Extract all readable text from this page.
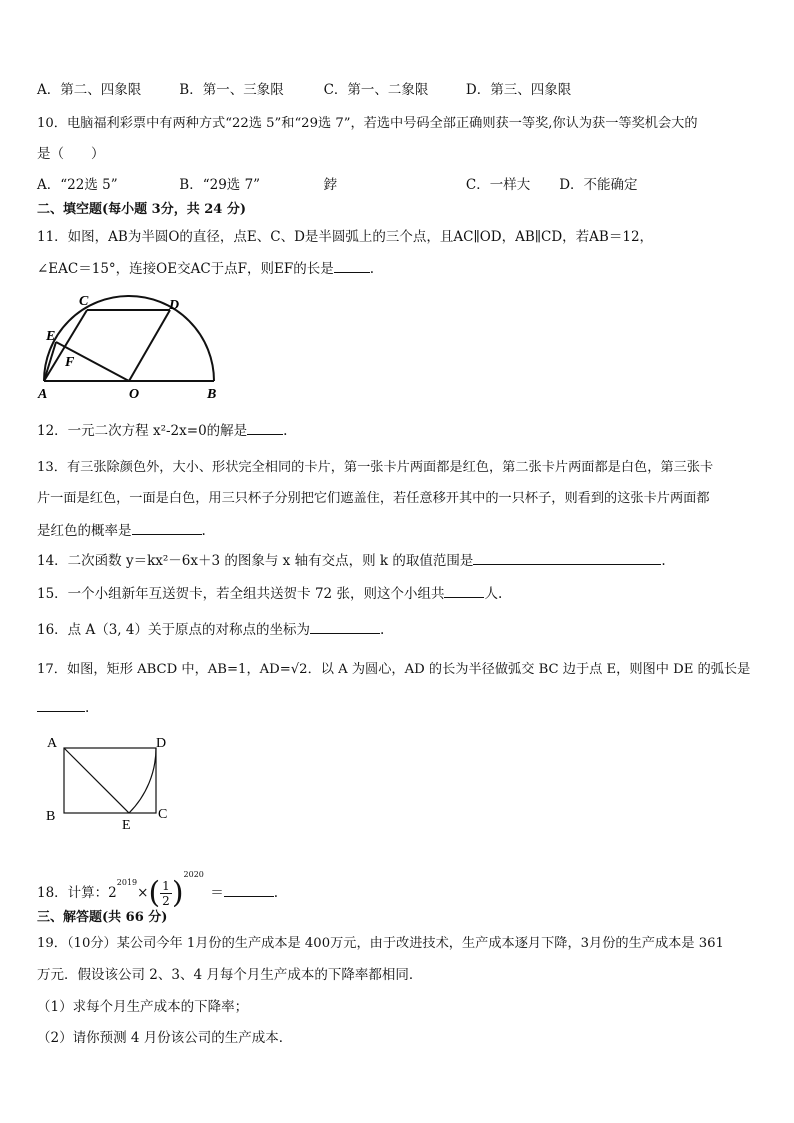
A．第二、四象限	B．第一、三象限	C．第一、二象限	D．第三、四象限
10．电脑福利彩票中有两种方式“22选 5”和“29选 7”，若选中号码全部正确则获一等奖,你认为获一等奖机会大的
是（　　）
A．“22选 5”	B．“29选 7”	鋍	C．一样大 D．不能确定
二、填空题(每小题 3分，共 24 分)
11．如图，AB为半圆O的直径，点E、C、D是半圆弧上的三个点，且AC∥OD，AB∥CD，若AB＝12，
∠EAC＝15°，连接OE交AC于点F，则EF的长是	.
C	D
E
F
A	O	B
12．一元二次方程 x²-2x=0的解是	.
13．有三张除颜色外，大小、形状完全相同的卡片，第一张卡片两面都是红色，第二张卡片两面都是白色，第三张卡
片一面是红色，一面是白色，用三只杯子分别把它们遮盖住，若任意移开其中的一只杯子，则看到的这张卡片两面都
是红色的概率是	.
14．二次函数 y＝kx²－6x＋3 的图象与 x 轴有交点，则 k 的取值范围是	.
15．一个小组新年互送贺卡，若全组共送贺卡 72 张，则这个小组共	人.
16．点 A（3, 4）关于原点的对称点的坐标为	.
17．如图，矩形 ABCD 中，AB=1，AD=√2．以 A 为圆心，AD 的长为半径做弧交 BC 边于点 E，则图中 DE 的弧长是
.
A	D
B
E
C
18．计算：$2^{2019}\times( \frac{1}{2} )^{2020}$ ＝	.
三、解答题(共 66 分)
19．（10分）某公司今年 1月份的生产成本是 400万元，由于改进技术，生产成本逐月下降，3月份的生产成本是 361
万元．假设该公司 2、3、4 月每个月生产成本的下降率都相同．
（1）求每个月生产成本的下降率；
（2）请你预测 4 月份该公司的生产成本．
